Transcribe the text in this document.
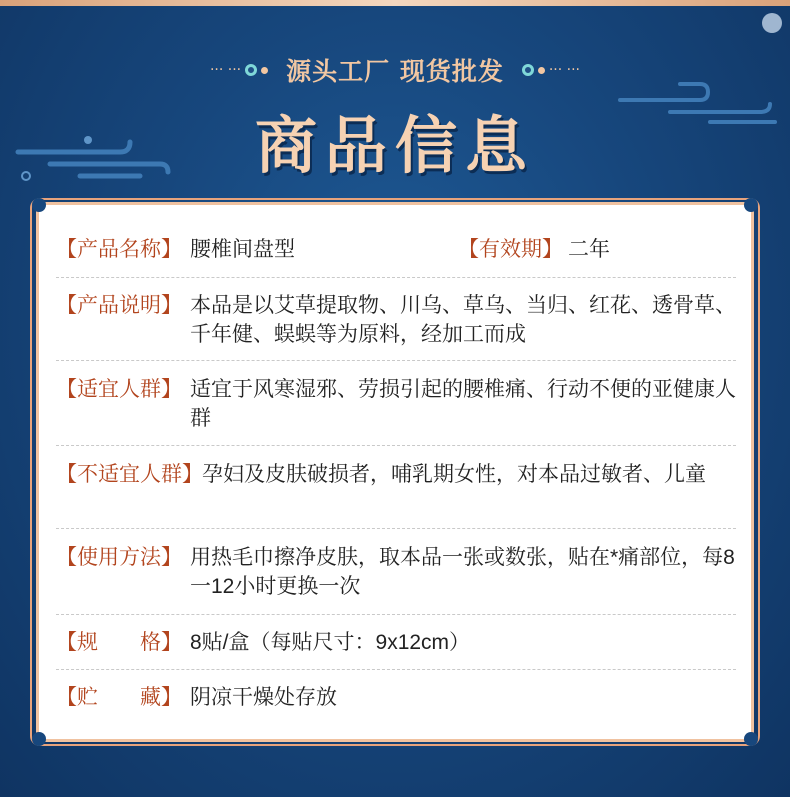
··· ··· 源头工厂 现货批发	··· ···
商品信息
【产品名称】 腰椎间盘型	【有效期】 二年
【产品说明】 本品是以艾草提取物、川乌、草乌、当归、红花、透骨草、千年健、蜈蜈等为原料，经加工而成
【适宜人群】 适宜于风寒湿邪、劳损引起的腰椎痛、行动不便的亚健康人群
【不适宜人群】 孕妇及皮肤破损者，哺乳期女性，对本品过敏者、儿童
【使用方法】 用热毛巾擦净皮肤，取本品一张或数张，贴在*痛部位，每8一12小时更换一次
【规　　格】 8贴/盒（每贴尺寸：9x12cm）
【贮　　藏】 阴凉干燥处存放
